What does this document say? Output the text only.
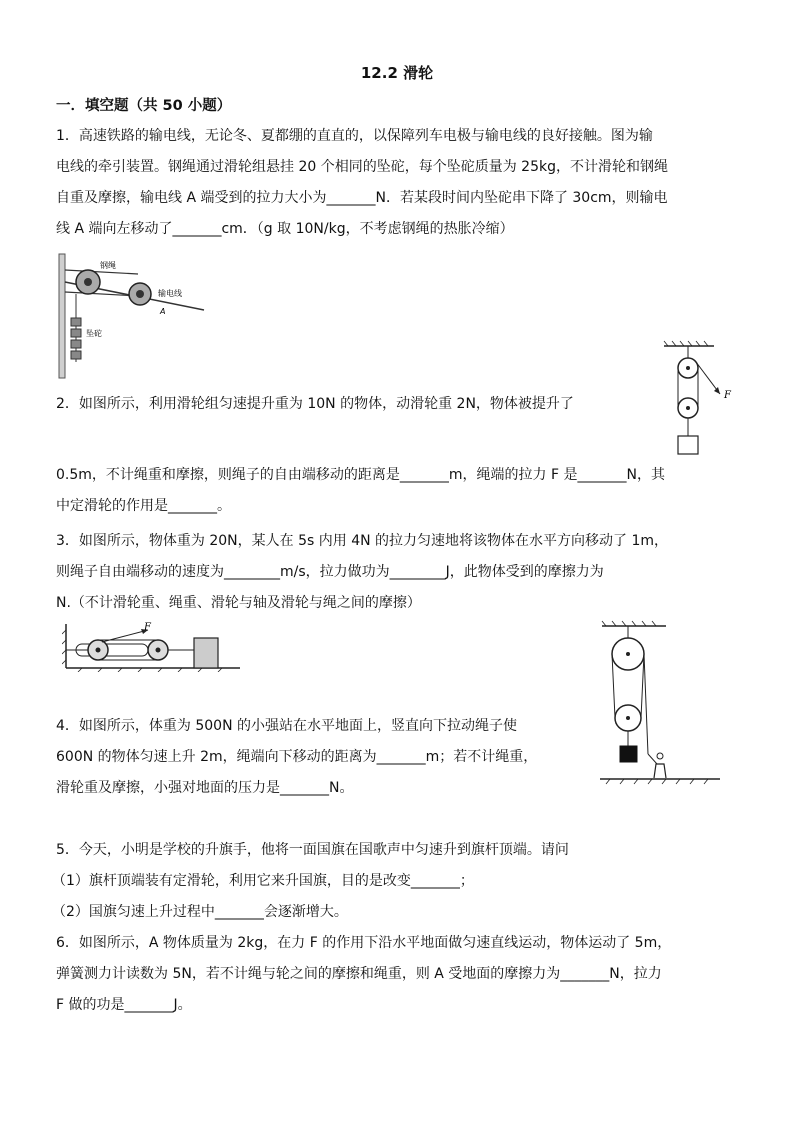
12.2 滑轮
一．填空题（共 50 小题）
1．高速铁路的输电线，无论冬、夏都绷的直直的，以保障列车电极与输电线的良好接触。图为输
电线的牵引装置。钢绳通过滑轮组悬挂 20 个相同的坠砣，每个坠砣质量为 25kg，不计滑轮和钢绳
自重及摩擦，输电线 A 端受到的拉力大小为_______N．若某段时间内坠砣串下降了 30cm，则输电
线 A 端向左移动了_______cm．（g 取 10N/kg，不考虑钢绳的热胀冷缩）
钢绳
输电线
A
坠砣
2．如图所示，利用滑轮组匀速提升重为 10N 的物体，动滑轮重 2N，物体被提升了
0.5m，不计绳重和摩擦，则绳子的自由端移动的距离是_______m，绳端的拉力 F 是_______N，其
中定滑轮的作用是_______。
F
3．如图所示，物体重为 20N，某人在 5s 内用 4N 的拉力匀速地将该物体在水平方向移动了 1m，
则绳子自由端移动的速度为________m/s，拉力做功为________J，此物体受到的摩擦力为
N.（不计滑轮重、绳重、滑轮与轴及滑轮与绳之间的摩擦）
F
4．如图所示，体重为 500N 的小强站在水平地面上，竖直向下拉动绳子使
600N 的物体匀速上升 2m，绳端向下移动的距离为_______m；若不计绳重，
滑轮重及摩擦，小强对地面的压力是_______N。
5．今天，小明是学校的升旗手，他将一面国旗在国歌声中匀速升到旗杆顶端。请问
（1）旗杆顶端装有定滑轮，利用它来升国旗，目的是改变_______；
（2）国旗匀速上升过程中_______会逐渐增大。
6．如图所示，A 物体质量为 2kg，在力 F 的作用下沿水平地面做匀速直线运动，物体运动了 5m，
弹簧测力计读数为 5N，若不计绳与轮之间的摩擦和绳重，则 A 受地面的摩擦力为_______N，拉力
F 做的功是_______J。
